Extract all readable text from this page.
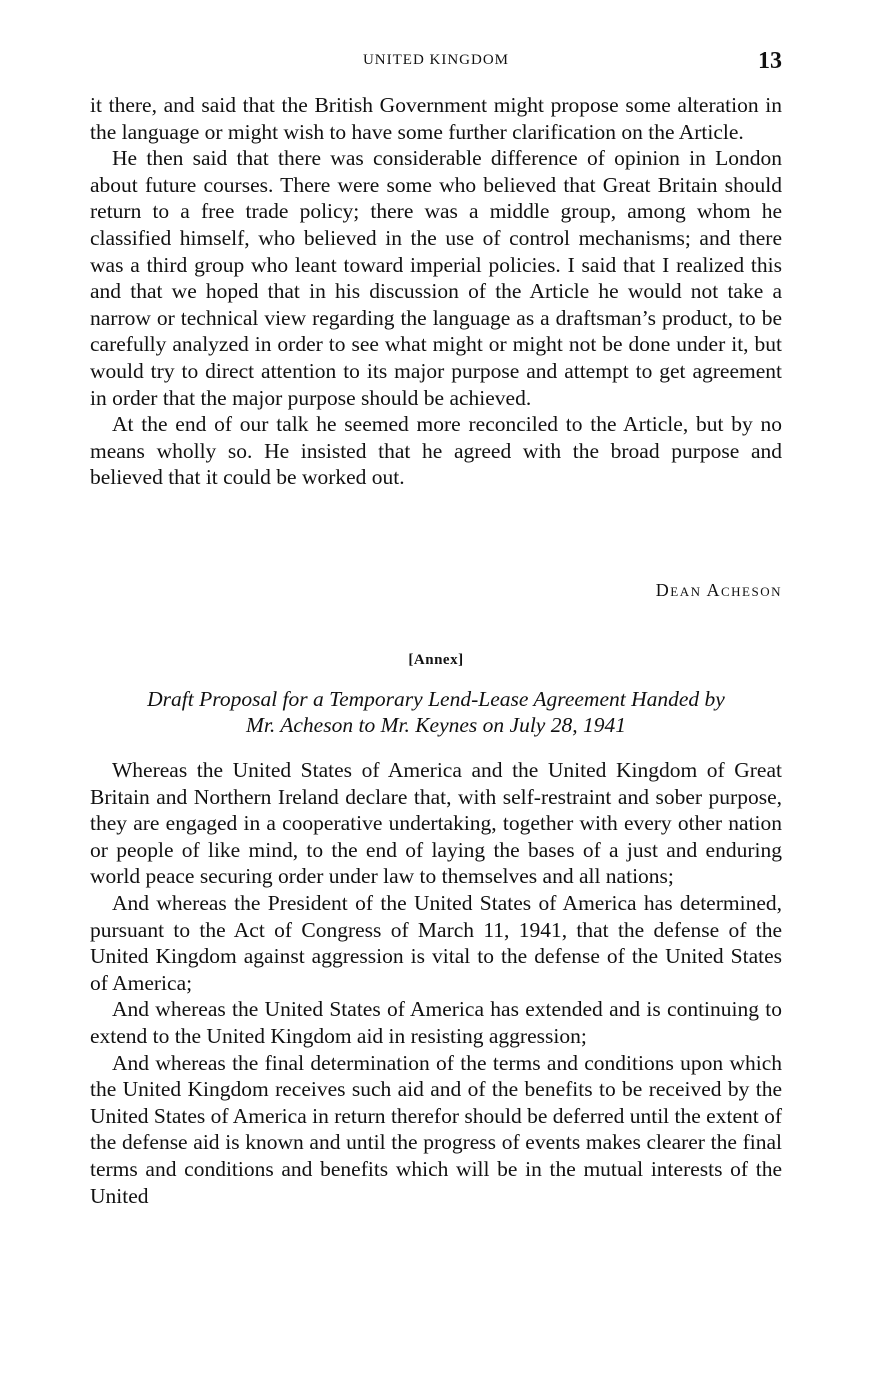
UNITED KINGDOM	13

it there, and said that the British Government might propose some alteration in the language or might wish to have some further clarification on the Article.

He then said that there was considerable difference of opinion in London about future courses. There were some who believed that Great Britain should return to a free trade policy; there was a middle group, among whom he classified himself, who believed in the use of control mechanisms; and there was a third group who leant toward imperial policies. I said that I realized this and that we hoped that in his discussion of the Article he would not take a narrow or technical view regarding the language as a draftsman’s product, to be carefully analyzed in order to see what might or might not be done under it, but would try to direct attention to its major purpose and attempt to get agreement in order that the major purpose should be achieved.

At the end of our talk he seemed more reconciled to the Article, but by no means wholly so. He insisted that he agreed with the broad purpose and believed that it could be worked out.

Dean Acheson
[Annex]
Draft Proposal for a Temporary Lend-Lease Agreement Handed by
Mr. Acheson to Mr. Keynes on July 28, 1941

Whereas the United States of America and the United Kingdom of Great Britain and Northern Ireland declare that, with self-restraint and sober purpose, they are engaged in a cooperative undertaking, together with every other nation or people of like mind, to the end of laying the bases of a just and enduring world peace securing order under law to themselves and all nations;

And whereas the President of the United States of America has determined, pursuant to the Act of Congress of March 11, 1941, that the defense of the United Kingdom against aggression is vital to the defense of the United States of America;

And whereas the United States of America has extended and is continuing to extend to the United Kingdom aid in resisting aggression;

And whereas the final determination of the terms and conditions upon which the United Kingdom receives such aid and of the benefits to be received by the United States of America in return therefor should be deferred until the extent of the defense aid is known and until the progress of events makes clearer the final terms and conditions and benefits which will be in the mutual interests of the United
